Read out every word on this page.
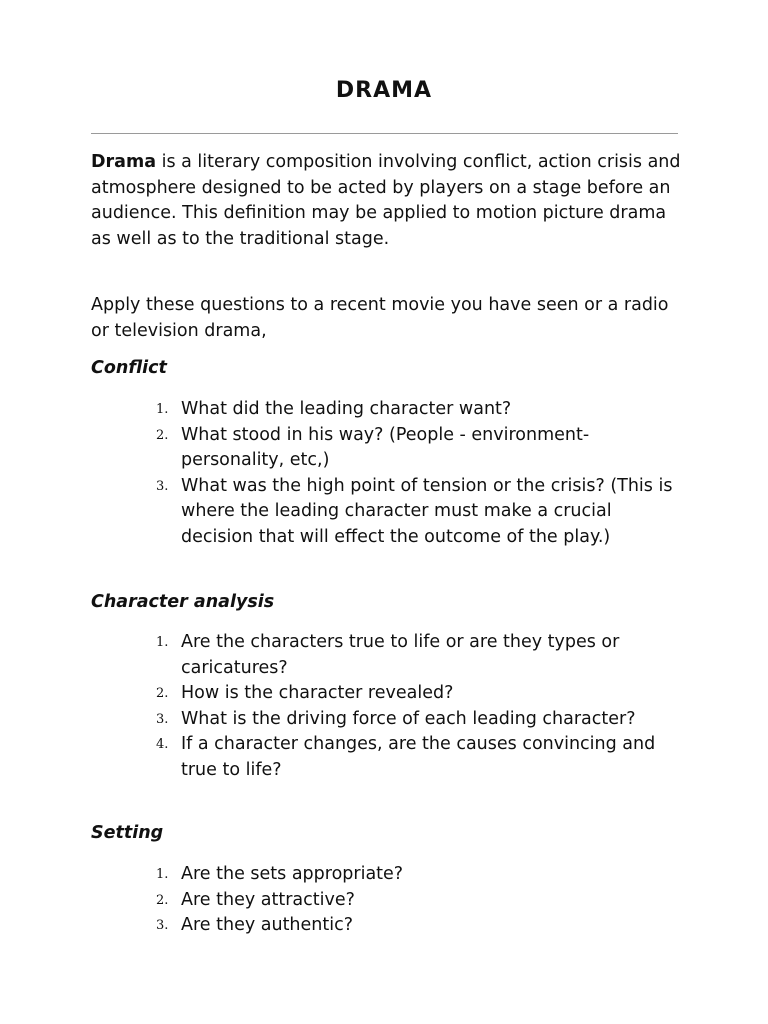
DRAMA

Drama is a literary composition involving conflict, action crisis and atmosphere designed to be acted by players on a stage before an audience. This definition may be applied to motion picture drama as well as to the traditional stage.

Apply these questions to a recent movie you have seen or a radio or television drama,

Conflict

1. What did the leading character want?
2. What stood in his way? (People - environment- personality, etc,)
3. What was the high point of tension or the crisis? (This is where the leading character must make a crucial decision that will effect the outcome of the play.)

Character analysis

1. Are the characters true to life or are they types or caricatures?
2. How is the character revealed?
3. What is the driving force of each leading character?
4. If a character changes, are the causes convincing and true to life?

Setting

1. Are the sets appropriate?
2. Are they attractive?
3. Are they authentic?
